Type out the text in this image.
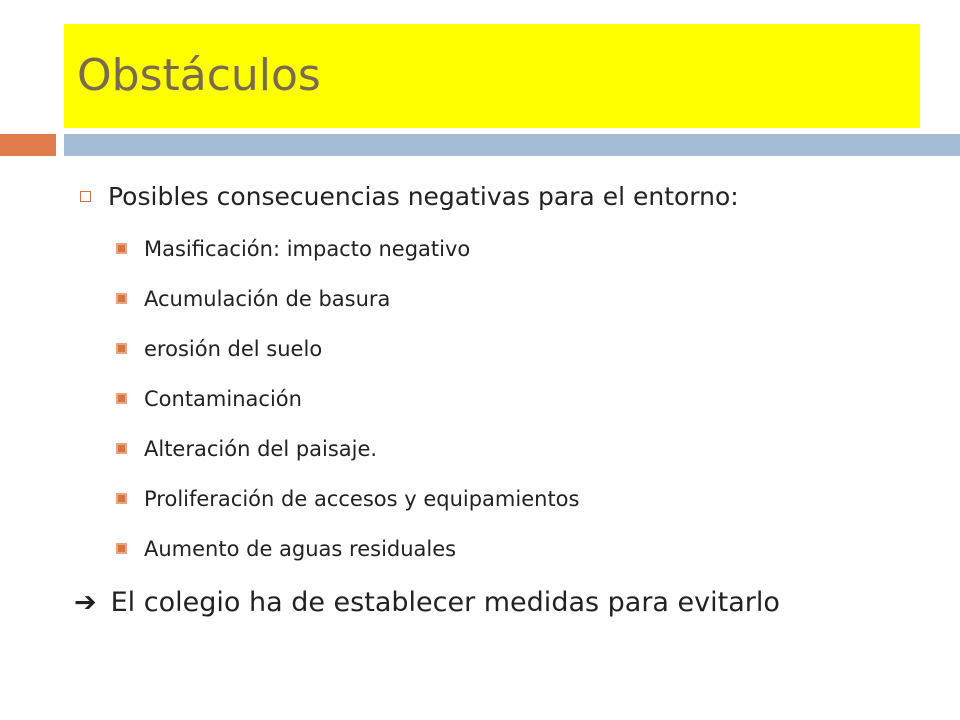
Obstáculos
Posibles consecuencias negativas para el entorno:
Masificación: impacto negativo
Acumulación de basura
erosión del suelo
Contaminación
Alteración del paisaje.
Proliferación de accesos y equipamientos
Aumento de aguas residuales
➔ El colegio ha de establecer medidas para evitarlo
